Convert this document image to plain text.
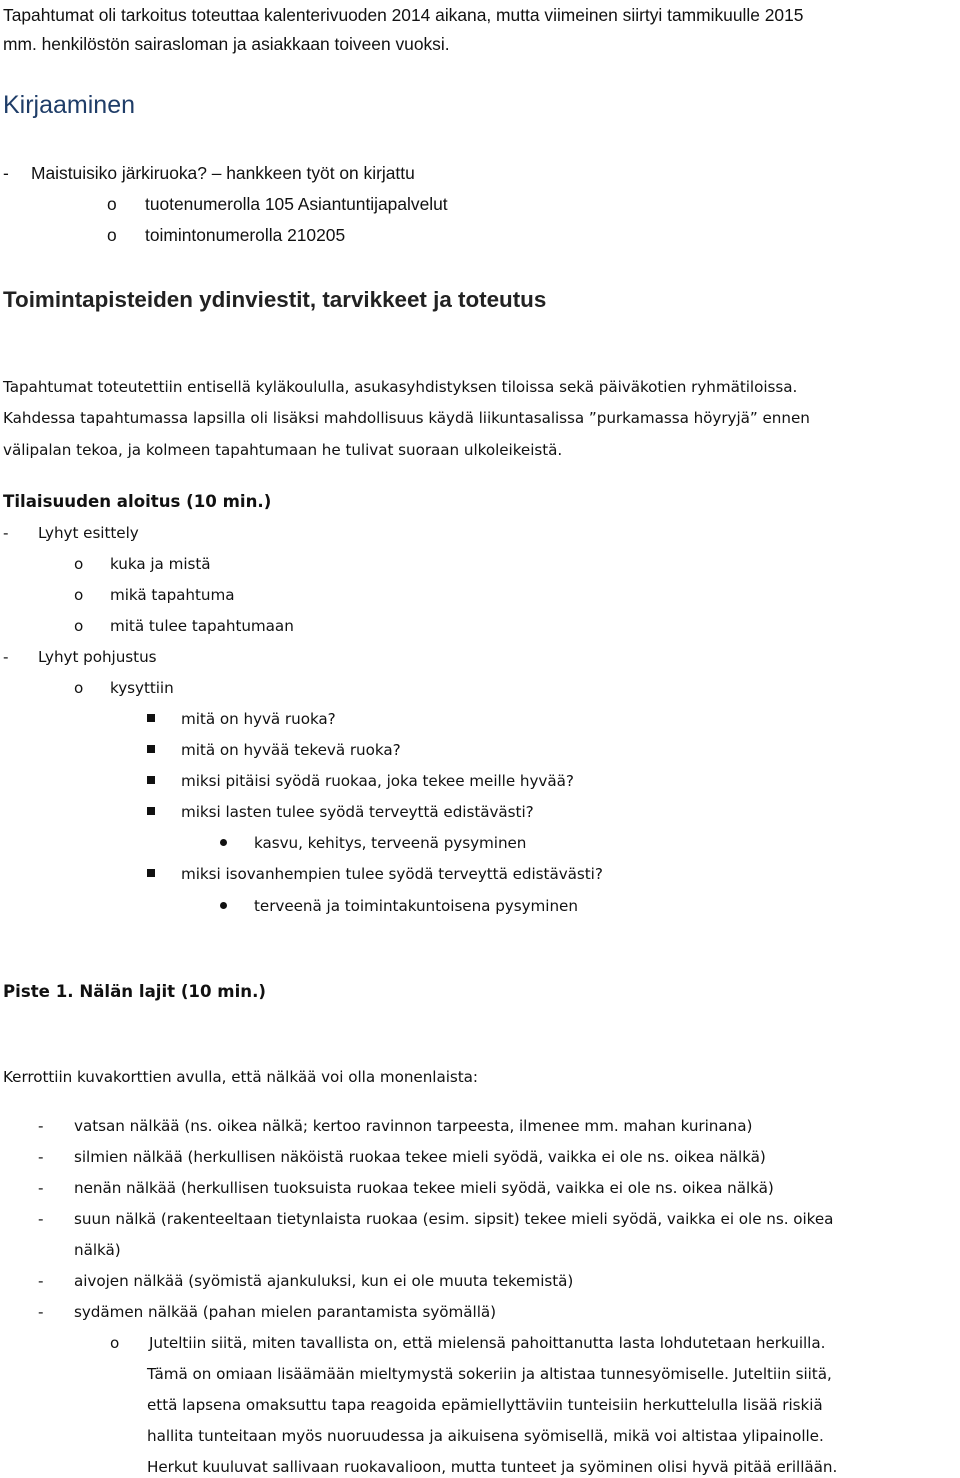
Tapahtumat oli tarkoitus toteuttaa kalenterivuoden 2014 aikana, mutta viimeinen siirtyi tammikuulle 2015
mm. henkilöstön sairasloman ja asiakkaan toiveen vuoksi.
Kirjaaminen
- Maistuisiko järkiruoka? – hankkeen työt on kirjattu
o tuotenumerolla 105 Asiantuntijapalvelut
o toimintonumerolla 210205
Toimintapisteiden ydinviestit, tarvikkeet ja toteutus
Tapahtumat toteutettiin entisellä kyläkoululla, asukasyhdistyksen tiloissa sekä päiväkotien ryhmätiloissa.
Kahdessa tapahtumassa lapsilla oli lisäksi mahdollisuus käydä liikuntasalissa ”purkamassa höyryjä” ennen
välipalan tekoa, ja kolmeen tapahtumaan he tulivat suoraan ulkoleikeistä.
Tilaisuuden aloitus (10 min.)
- Lyhyt esittely
o kuka ja mistä
o mikä tapahtuma
o mitä tulee tapahtumaan
- Lyhyt pohjustus
o kysyttiin
mitä on hyvä ruoka?
mitä on hyvää tekevä ruoka?
miksi pitäisi syödä ruokaa, joka tekee meille hyvää?
miksi lasten tulee syödä terveyttä edistävästi?
kasvu, kehitys, terveenä pysyminen
miksi isovanhempien tulee syödä terveyttä edistävästi?
terveenä ja toimintakuntoisena pysyminen
Piste 1. Nälän lajit (10 min.)
Kerrottiin kuvakorttien avulla, että nälkää voi olla monenlaista:
- vatsan nälkää (ns. oikea nälkä; kertoo ravinnon tarpeesta, ilmenee mm. mahan kurinana)
- silmien nälkää (herkullisen näköistä ruokaa tekee mieli syödä, vaikka ei ole ns. oikea nälkä)
- nenän nälkää (herkullisen tuoksuista ruokaa tekee mieli syödä, vaikka ei ole ns. oikea nälkä)
- suun nälkä (rakenteeltaan tietynlaista ruokaa (esim. sipsit) tekee mieli syödä, vaikka ei ole ns. oikea
nälkä)
- aivojen nälkää (syömistä ajankuluksi, kun ei ole muuta tekemistä)
- sydämen nälkää (pahan mielen parantamista syömällä)
o Juteltiin siitä, miten tavallista on, että mielensä pahoittanutta lasta lohdutetaan herkuilla.
Tämä on omiaan lisäämään mieltymystä sokeriin ja altistaa tunnesyömiselle. Juteltiin siitä,
että lapsena omaksuttu tapa reagoida epämiellyttäviin tunteisiin herkuttelulla lisää riskiä
hallita tunteitaan myös nuoruudessa ja aikuisena syömisellä, mikä voi altistaa ylipainolle.
Herkut kuuluvat sallivaan ruokavalioon, mutta tunteet ja syöminen olisi hyvä pitää erillään.
